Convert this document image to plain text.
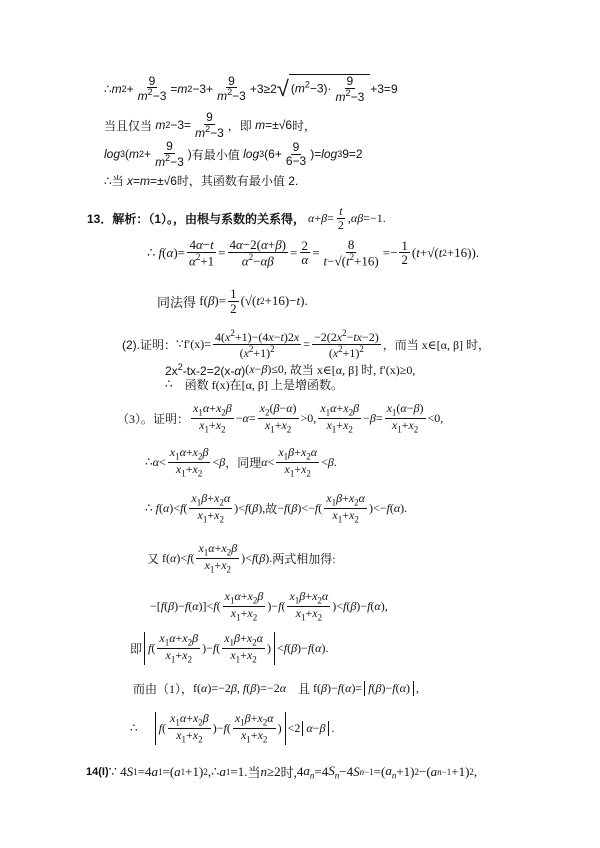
∴ m $2 + \frac{9}{m^2-3} = m$ $2 -3+ \frac{9}{m^2-3} +3\ge 2$ √ $(m^2-3)\cdot \frac{9}{m^2-3} +3=9$
当且仅当
m $2 -3= \frac{9}{m^2-3}$ ，即
m =±√6 时，
log 3 ( m $2 + \frac{9}{m^2-3}$ ) 有最小值
log 3 ($6+ \frac{9}{6-3}$ )= log 3 9=2
∴ 当
x = m =±√6 时，其函数有最小值 2.
13．解析：（1）。，由根与系数的关系得，
$\alpha + \beta = \frac{t}{2}$ , αβ =−1.
∴
f ( α )= $\frac{4\alpha-t}{\alpha^2+1} = \frac{4\alpha-2(\alpha+\beta)}{\alpha^2-\alpha\beta} = \frac{2}{\alpha} = \frac{8}{t-√(t^2+16)} =- \frac{1}{2}$ ( t +√( t 2 +16)).
同法得 f( β )= $\frac{1}{2}$ (√( t 2 +16)− t ).
(2).证明： ∵ $f'(x)= \frac{4(x^2+1)-(4x-t)2x}{(x^2+1)^2} = \frac{-2(2x^2-tx-2)}{(x^2+1)^2}$ ，而当 x∈[α, β] 时，
$2x^2-tx-2=2(x-\alpha)$ ( x − β )≤0, 故当 x∈[α, β] 时, f′(x)≥0,
∴
函数 f(x)在[α, β] 上是增函数。
（3）。证明： $\frac{x_1\alpha+x_2\beta}{x_1+x_2} - \alpha = \frac{x_2(\beta-\alpha)}{x_1+x_2} >0$, $\frac{x_1\alpha+x_2\beta}{x_1+x_2} - \beta = \frac{x_1(\alpha-\beta)}{x_1+x_2} <0$,
∴ $\alpha < \frac{x_1\alpha+x_2\beta}{x_1+x_2} < \beta$ ，同理 $\alpha < \frac{x_1\beta+x_2\alpha}{x_1+x_2} < \beta$ .
∴
f ( α )< f ( $\frac{x_1\beta+x_2\alpha}{x_1+x_2}$ )< f ( β ), 故 − f ( β )<− f ( $\frac{x_1\beta+x_2\alpha}{x_1+x_2}$ )<− f ( α ).
又 f( α )< f ( $\frac{x_1\alpha+x_2\beta}{x_1+x_2}$ )< f ( β ). 两式相加得:
−[ f ( β )− f ( α )]< f ( $\frac{x_1\alpha+x_2\beta}{x_1+x_2}$ )− f ( $\frac{x_1\beta+x_2\alpha}{x_1+x_2}$ )< f ( β )− f ( α ),
即 f ( $\frac{x_1\alpha+x_2\beta}{x_1+x_2}$ )− f ( $\frac{x_1\beta+x_2\alpha}{x_1+x_2}$ ) < f ( β )− f ( α ).
而由（1）， f( α )=−2 β , f ( β )=−2 α
且 f( β )− f ( α )= f ( β )− f ( α ) ,
∴
f ( $\frac{x_1\alpha+x_2\beta}{x_1+x_2}$ )− f ( $\frac{x_1\beta+x_2\alpha}{x_1+x_2}$ ) <2 α − β .
14(I) ∵ 4 S 1 =4 a 1 =( a 1 +1) 2 , ∴ a 1 =1. 当 n ≥2 时, 4 $a_n =4$ $S_n -4$ S n−1 =( $a_n +1$) 2 −( a n−1 +1) 2 ,
